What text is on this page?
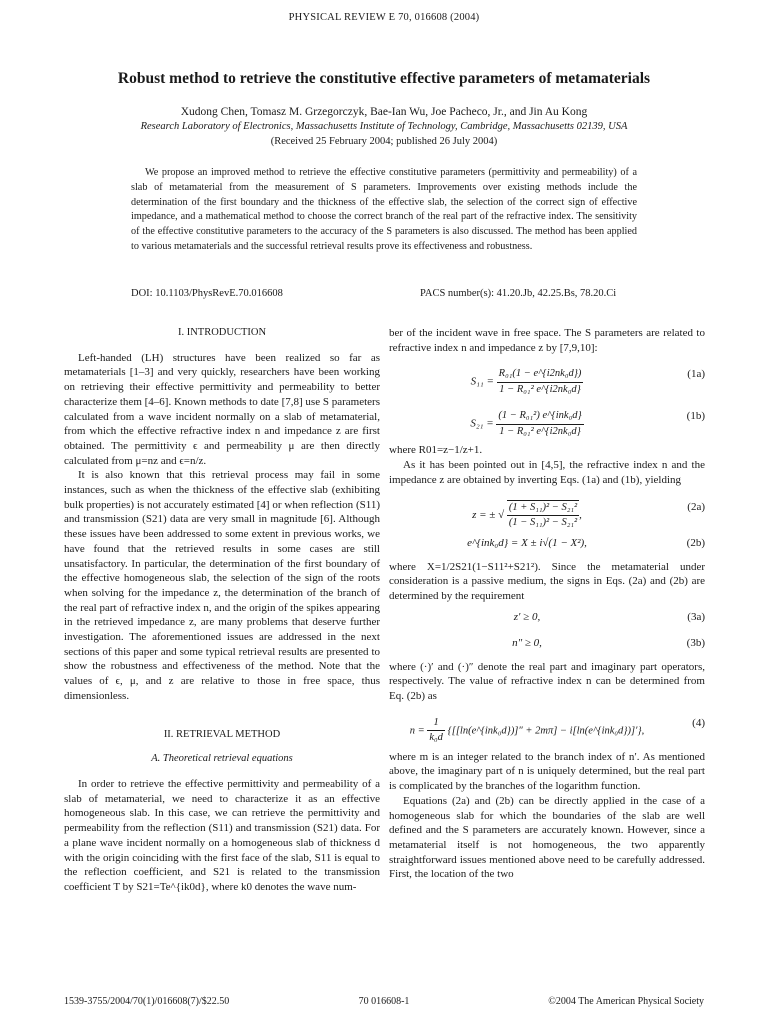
PHYSICAL REVIEW E 70, 016608 (2004)
Robust method to retrieve the constitutive effective parameters of metamaterials
Xudong Chen, Tomasz M. Grzegorczyk, Bae-Ian Wu, Joe Pacheco, Jr., and Jin Au Kong
Research Laboratory of Electronics, Massachusetts Institute of Technology, Cambridge, Massachusetts 02139, USA
(Received 25 February 2004; published 26 July 2004)
We propose an improved method to retrieve the effective constitutive parameters (permittivity and permeability) of a slab of metamaterial from the measurement of S parameters. Improvements over existing methods include the determination of the first boundary and the thickness of the effective slab, the selection of the correct sign of effective impedance, and a mathematical method to choose the correct branch of the real part of the refractive index. The sensitivity of the effective constitutive parameters to the accuracy of the S parameters is also discussed. The method has been applied to various metamaterials and the successful retrieval results prove its effectiveness and robustness.
DOI: 10.1103/PhysRevE.70.016608	PACS number(s): 41.20.Jb, 42.25.Bs, 78.20.Ci
I. INTRODUCTION

Left-handed (LH) structures have been realized so far as metamaterials [1–3] and very quickly, researchers have been working on retrieving their effective permittivity and permeability to better characterize them [4–6]. Known methods to date [7,8] use S parameters calculated from a wave incident normally on a slab of metamaterial, from which the effective refractive index n and impedance z are first obtained. The permittivity ϵ and permeability μ are then directly calculated from μ=nz and ϵ=n/z.

It is also known that this retrieval process may fail in some instances, such as when the thickness of the effective slab (exhibiting bulk properties) is not accurately estimated [4] or when reflection (S11) and transmission (S21) data are very small in magnitude [6]. Although these issues have been addressed to some extent in previous works, we have found that the retrieved results in some cases are still unsatisfactory. In particular, the determination of the first boundary of the effective homogeneous slab, the selection of the sign of the roots when solving for the impedance z, the determination of the branch of the real part of refractive index n, and the origin of the spikes appearing in the retrieved impedance z, are many problems that deserve further investigation. The aforementioned issues are addressed in the next sections of this paper and some typical retrieval results are presented to show the robustness and effectiveness of the method. Note that the values of ϵ, μ, and z are relative to those in free space, thus dimensionless.

II. RETRIEVAL METHOD
A. Theoretical retrieval equations

In order to retrieve the effective permittivity and permeability of a slab of metamaterial, we need to characterize it as an effective homogeneous slab. In this case, we can retrieve the permittivity and permeability from the reflection (S11) and transmission (S21) data. For a plane wave incident normally on a homogeneous slab of thickness d with the origin coinciding with the first face of the slab, S11 is equal to the reflection coefficient, and S21 is related to the transmission coefficient T by S21=Te^{ik0d}, where k0 denotes the wave num-

ber of the incident wave in free space. The S parameters are related to refractive index n and impedance z by [7,9,10]:

$S_{11} = \frac{\text{R₀₁(1 − e\textasciicircum{}\{i2nk₀d\})}}{\text{1 − R₀₁² e\textasciicircum{}\{i2nk₀d\}}}$	(1a)
$S_{21} = \frac{\text{(1 − R₀₁²) e\textasciicircum{}\{ink₀d\}}}{\text{1 − R₀₁² e\textasciicircum{}\{i2nk₀d\}}}$	(1b)

where R01=z−1/z+1.

As it has been pointed out in [4,5], the refractive index n and the impedance z are obtained by inverting Eqs. (1a) and (1b), yielding

z = ± √ $\frac{\text{(1 + S₁₁)² − S₂₁²}}{\text{(1 − S₁₁)² − S₂₁²}}$ ,
(2a)
e^{ink₀d} = X ± i√(1 − X²),	(2b)

where X=1/2S21(1−S11²+S21²). Since the metamaterial under consideration is a passive medium, the signs in Eqs. (2a) and (2b) are determined by the requirement

z′ ≥ 0,	(3a)
n″ ≥ 0,	(3b)

where (·)′ and (·)″ denote the real part and imaginary part operators, respectively. The value of refractive index n can be determined from Eq. (2b) as

$n = \frac{1}{\text{k₀d}}$ {[[ln(e^{ink₀d})]″ + 2mπ] − i[ln(e^{ink₀d})]′},
(4)

where m is an integer related to the branch index of n′. As mentioned above, the imaginary part of n is uniquely determined, but the real part is complicated by the branches of the logarithm function.

Equations (2a) and (2b) can be directly applied in the case of a homogeneous slab for which the boundaries of the slab are well defined and the S parameters are accurately known. However, since a metamaterial itself is not homogeneous, the two apparently straightforward issues mentioned above need to be carefully addressed. First, the location of the two

1539-3755/2004/70(1)/016608(7)/$22.50	70 016608-1	©2004 The American Physical Society
